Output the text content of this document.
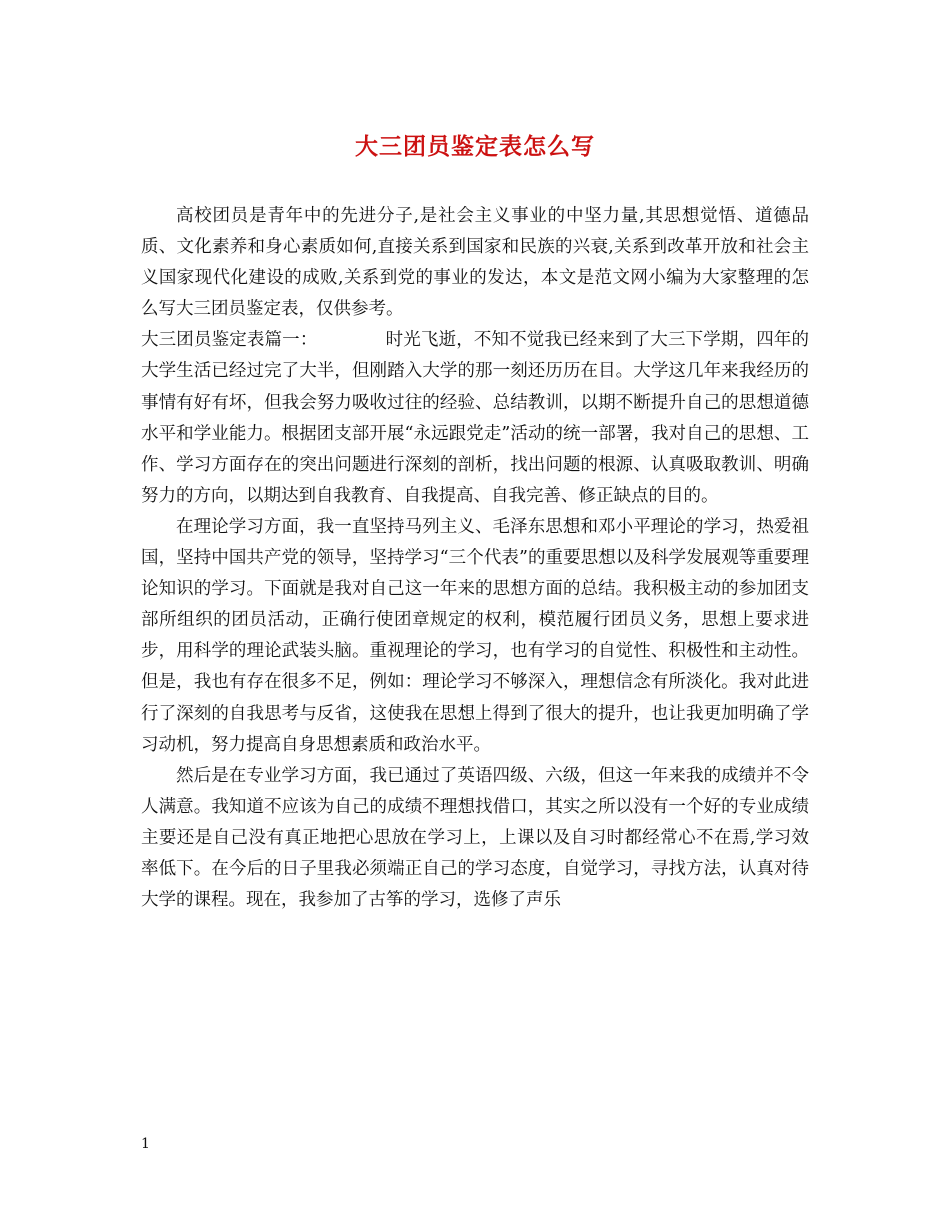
大三团员鉴定表怎么写

高校团员是青年中的先进分子,是社会主义事业的中坚力量,其思想觉悟、道德品质、文化素养和身心素质如何,直接关系到国家和民族的兴衰,关系到改革开放和社会主义国家现代化建设的成败,关系到党的事业的发达，本文是范文网小编为大家整理的怎么写大三团员鉴定表，仅供参考。

大三团员鉴定表篇一：	时光飞逝，不知不觉我已经来到了大三下学期，四年的大学生活已经过完了大半，但刚踏入大学的那一刻还历历在目。大学这几年来我经历的事情有好有坏，但我会努力吸收过往的经验、总结教训，以期不断提升自己的思想道德水平和学业能力。根据团支部开展“永远跟党走”活动的统一部署，我对自己的思想、工作、学习方面存在的突出问题进行深刻的剖析，找出问题的根源、认真吸取教训、明确努力的方向，以期达到自我教育、自我提高、自我完善、修正缺点的目的。

在理论学习方面，我一直坚持马列主义、毛泽东思想和邓小平理论的学习，热爱祖国，坚持中国共产党的领导，坚持学习“三个代表”的重要思想以及科学发展观等重要理论知识的学习。下面就是我对自己这一年来的思想方面的总结。我积极主动的参加团支部所组织的团员活动，正确行使团章规定的权利，模范履行团员义务，思想上要求进步，用科学的理论武装头脑。重视理论的学习，也有学习的自觉性、积极性和主动性。但是，我也有存在很多不足，例如：理论学习不够深入，理想信念有所淡化。我对此进行了深刻的自我思考与反省，这使我在思想上得到了很大的提升，也让我更加明确了学习动机，努力提高自身思想素质和政治水平。

然后是在专业学习方面，我已通过了英语四级、六级，但这一年来我的成绩并不令人满意。我知道不应该为自己的成绩不理想找借口，其实之所以没有一个好的专业成绩主要还是自己没有真正地把心思放在学习上，上课以及自习时都经常心不在焉,学习效率低下。在今后的日子里我必须端正自己的学习态度，自觉学习，寻找方法，认真对待大学的课程。现在，我参加了古筝的学习，选修了声乐

1
